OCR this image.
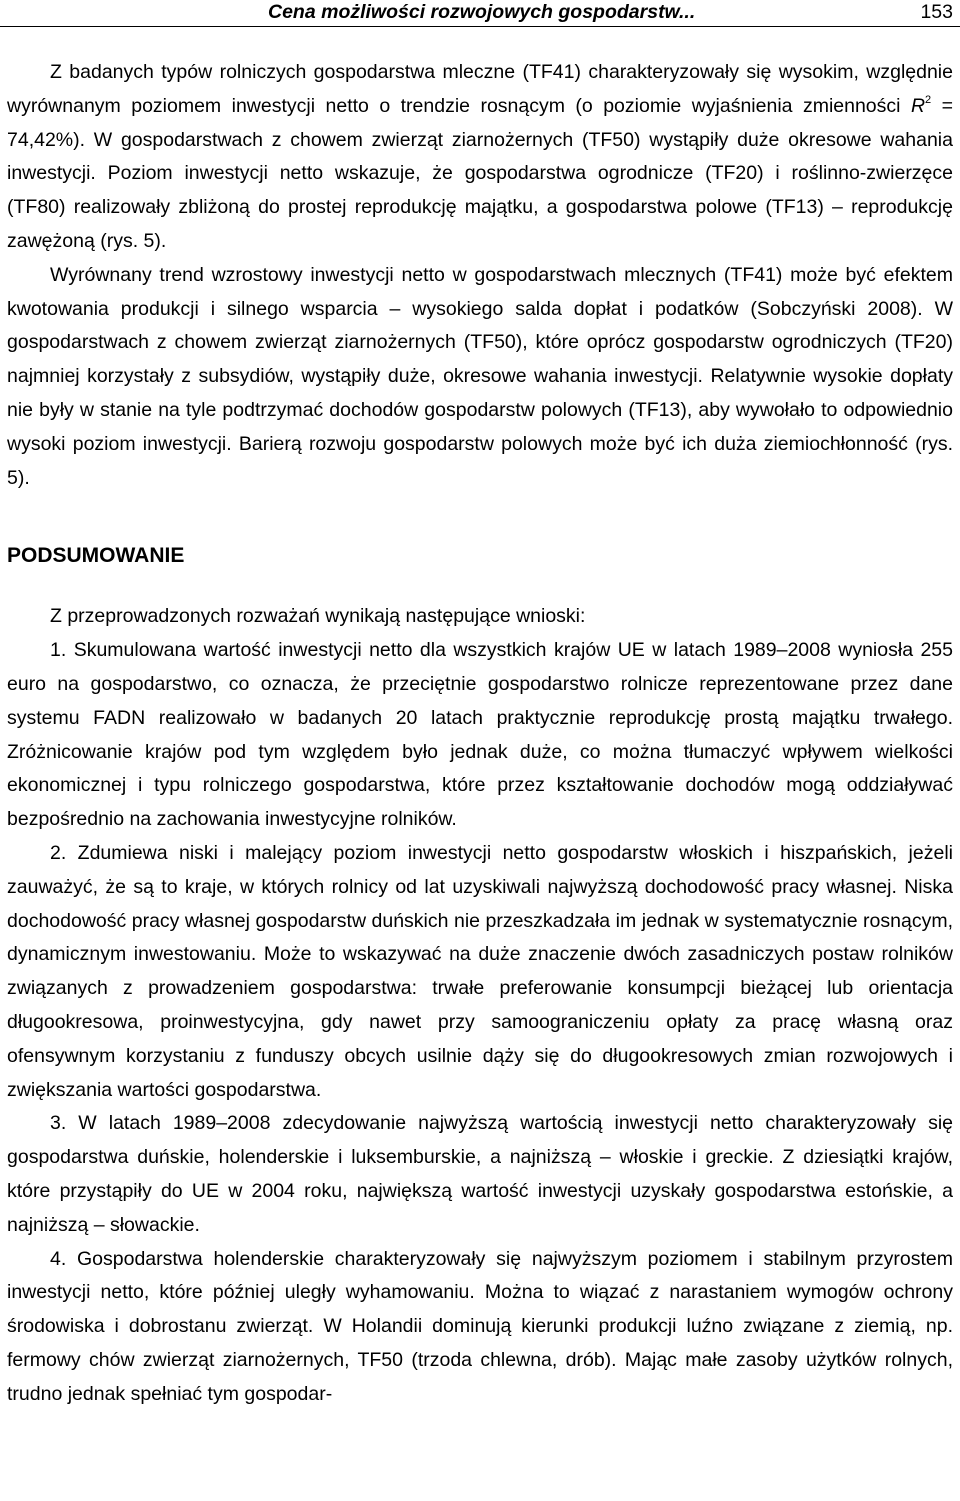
Cena możliwości rozwojowych gospodarstw...	153

Z badanych typów rolniczych gospodarstwa mleczne (TF41) charakteryzowały się wysokim, względnie wyrównanym poziomem inwestycji netto o trendzie rosnącym (o poziomie wyjaśnienia zmienności $R^2 = 74,42\%$). W gospodarstwach z chowem zwierząt ziarnożernych (TF50) wystąpiły duże okresowe wahania inwestycji. Poziom inwestycji netto wskazuje, że gospodarstwa ogrodnicze (TF20) i roślinno-zwierzęce (TF80) realizowały zbliżoną do prostej reprodukcję majątku, a gospodarstwa polowe (TF13) – reprodukcję zawężoną (rys. 5).

Wyrównany trend wzrostowy inwestycji netto w gospodarstwach mlecznych (TF41) może być efektem kwotowania produkcji i silnego wsparcia – wysokiego salda dopłat i podatków (Sobczyński 2008). W gospodarstwach z chowem zwierząt ziarnożernych (TF50), które oprócz gospodarstw ogrodniczych (TF20) najmniej korzystały z subsydiów, wystąpiły duże, okresowe wahania inwestycji. Relatywnie wysokie dopłaty nie były w stanie na tyle podtrzymać dochodów gospodarstw polowych (TF13), aby wywołało to odpowiednio wysoki poziom inwestycji. Barierą rozwoju gospodarstw polowych może być ich duża ziemiochłonność (rys. 5).

PODSUMOWANIE

Z przeprowadzonych rozważań wynikają następujące wnioski:

1. Skumulowana wartość inwestycji netto dla wszystkich krajów UE w latach 1989–2008 wyniosła 255 euro na gospodarstwo, co oznacza, że przeciętnie gospodarstwo rolnicze reprezentowane przez dane systemu FADN realizowało w badanych 20 latach praktycznie reprodukcję prostą majątku trwałego. Zróżnicowanie krajów pod tym względem było jednak duże, co można tłumaczyć wpływem wielkości ekonomicznej i typu rolniczego gospodarstwa, które przez kształtowanie dochodów mogą oddziaływać bezpośrednio na zachowania inwestycyjne rolników.

2. Zdumiewa niski i malejący poziom inwestycji netto gospodarstw włoskich i hiszpańskich, jeżeli zauważyć, że są to kraje, w których rolnicy od lat uzyskiwali najwyższą dochodowość pracy własnej. Niska dochodowość pracy własnej gospodarstw duńskich nie przeszkadzała im jednak w systematycznie rosnącym, dynamicznym inwestowaniu. Może to wskazywać na duże znaczenie dwóch zasadniczych postaw rolników związanych z prowadzeniem gospodarstwa: trwałe preferowanie konsumpcji bieżącej lub orientacja długookresowa, proinwestycyjna, gdy nawet przy samoograniczeniu opłaty za pracę własną oraz ofensywnym korzystaniu z funduszy obcych usilnie dąży się do długookresowych zmian rozwojowych i zwiększania wartości gospodarstwa.

3. W latach 1989–2008 zdecydowanie najwyższą wartością inwestycji netto charakteryzowały się gospodarstwa duńskie, holenderskie i luksemburskie, a najniższą – włoskie i greckie. Z dziesiątki krajów, które przystąpiły do UE w 2004 roku, największą wartość inwestycji uzyskały gospodarstwa estońskie, a najniższą – słowackie.

4. Gospodarstwa holenderskie charakteryzowały się najwyższym poziomem i stabilnym przyrostem inwestycji netto, które później uległy wyhamowaniu. Można to wiązać z narastaniem wymogów ochrony środowiska i dobrostanu zwierząt. W Holandii dominują kierunki produkcji luźno związane z ziemią, np. fermowy chów zwierząt ziarnożernych, TF50 (trzoda chlewna, drób). Mając małe zasoby użytków rolnych, trudno jednak spełniać tym gospodar-
